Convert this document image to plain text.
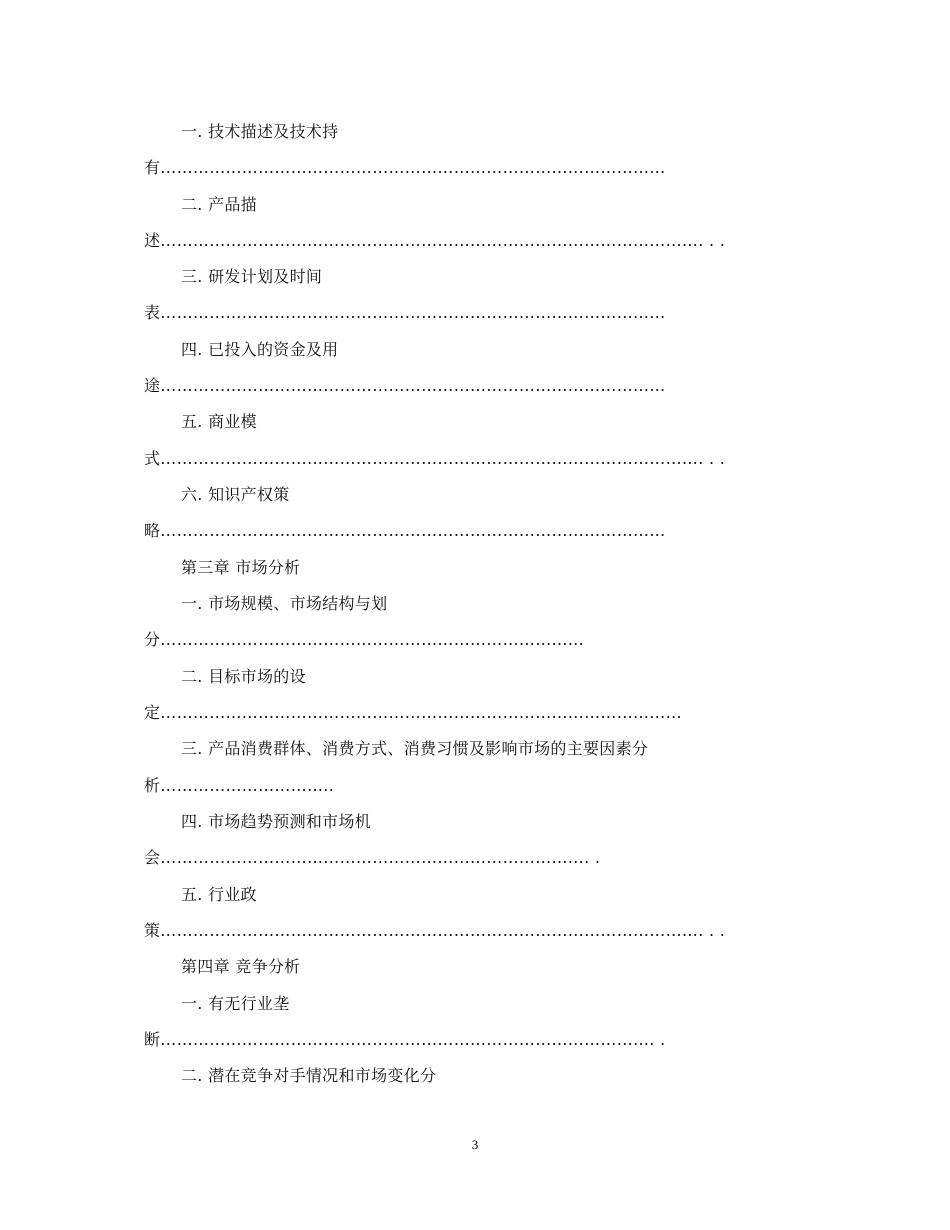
一. 技术描述及技术持
有…………………………………………………………………………………
二. 产品描
述………………………………………………………………………………………. . .
三. 研发计划及时间
表…………………………………………………………………………………
四. 已投入的资金及用
途…………………………………………………………………………………
五. 商业模
式………………………………………………………………………………………. . .
六. 知识产权策
略…………………………………………………………………………………
第三章 市场分析
一. 市场规模、市场结构与划
分……………………………………………………………………
二. 目标市场的设
定……………………………………………………………………………………
三. 产品消费群体、消费方式、消费习惯及影响市场的主要因素分
析…………………………..
四. 市场趋势预测和市场机
会……………………………………………………………………. .
五. 行业政
策………………………………………………………………………………………. . .
第四章 竞争分析
一. 有无行业垄
断………………………………………………………………………………. .
二. 潜在竞争对手情况和市场变化分
3
